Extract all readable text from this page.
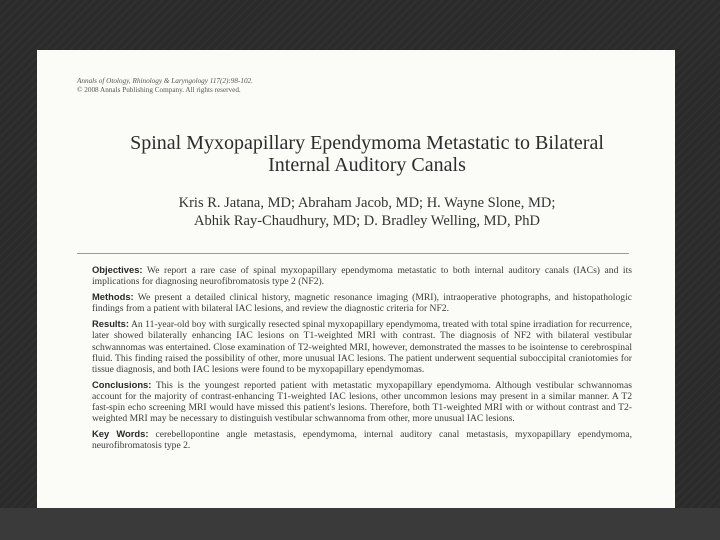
Annals of Otology, Rhinology & Laryngology 117(2):98-102.
© 2008 Annals Publishing Company. All rights reserved.
Spinal Myxopapillary Ependymoma Metastatic to Bilateral
Internal Auditory Canals
Kris R. Jatana, MD; Abraham Jacob, MD; H. Wayne Slone, MD;
Abhik Ray-Chaudhury, MD; D. Bradley Welling, MD, PhD
Objectives: We report a rare case of spinal myxopapillary ependymoma metastatic to both internal auditory canals (IACs) and its implications for diagnosing neurofibromatosis type 2 (NF2).
Methods: We present a detailed clinical history, magnetic resonance imaging (MRI), intraoperative photographs, and histopathologic findings from a patient with bilateral IAC lesions, and review the diagnostic criteria for NF2.
Results: An 11-year-old boy with surgically resected spinal myxopapillary ependymoma, treated with total spine irradiation for recurrence, later showed bilaterally enhancing IAC lesions on T1-weighted MRI with contrast. The diagnosis of NF2 with bilateral vestibular schwannomas was entertained. Close examination of T2-weighted MRI, however, demonstrated the masses to be isointense to cerebrospinal fluid. This finding raised the possibility of other, more unusual IAC lesions. The patient underwent sequential suboccipital craniotomies for tissue diagnosis, and both IAC lesions were found to be myxopapillary ependymomas.
Conclusions: This is the youngest reported patient with metastatic myxopapillary ependymoma. Although vestibular schwannomas account for the majority of contrast-enhancing T1-weighted IAC lesions, other uncommon lesions may present in a similar manner. A T2 fast-spin echo screening MRI would have missed this patient's lesions. Therefore, both T1-weighted MRI with or without contrast and T2-weighted MRI may be necessary to distinguish vestibular schwannoma from other, more unusual IAC lesions.
Key Words: cerebellopontine angle metastasis, ependymoma, internal auditory canal metastasis, myxopapillary ependymoma, neurofibromatosis type 2.
